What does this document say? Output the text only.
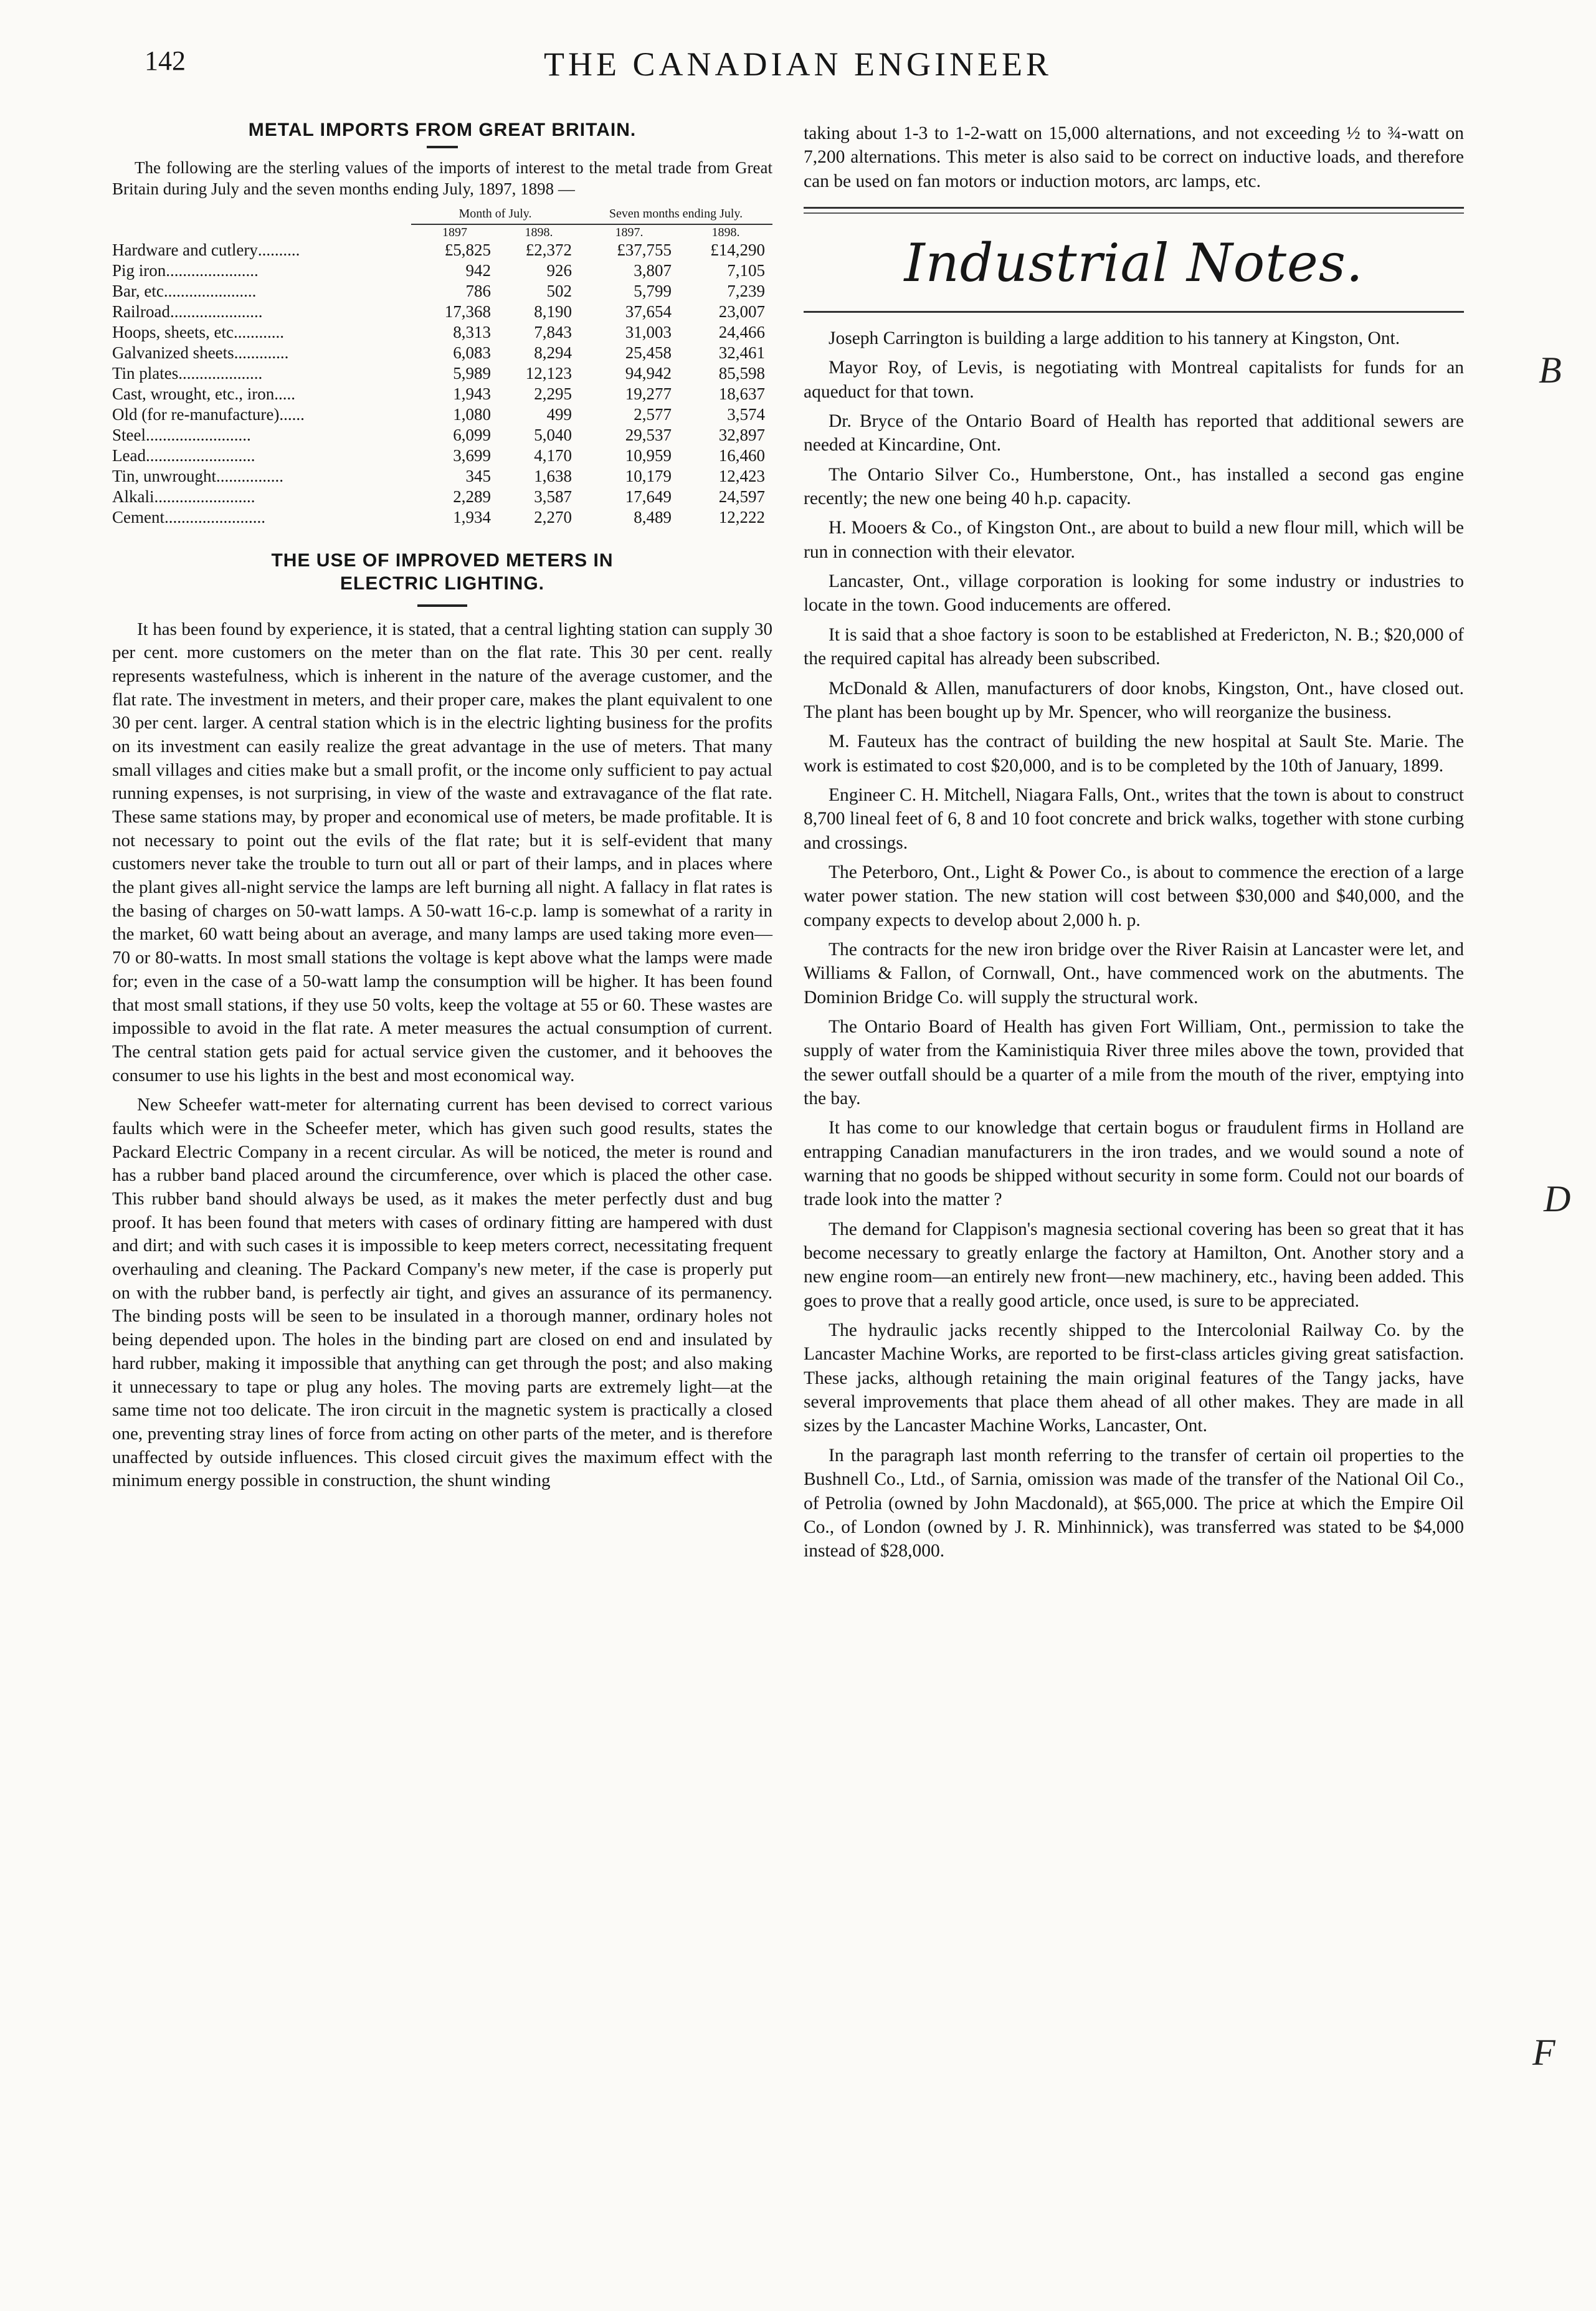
142	THE CANADIAN ENGINEER
METAL IMPORTS FROM GREAT BRITAIN.

The following are the sterling values of the imports of interest to the metal trade from Great Britain during July and the seven months ending July, 1897, 1898 —

	Month of July.		Seven months ending July.	
	1897	1898.	1897.	1898.
Hardware and cutlery..........	£5,825	£2,372	£37,755	£14,290
Pig iron......................	942	926	3,807	7,105
Bar, etc......................	786	502	5,799	7,239
Railroad......................	17,368	8,190	37,654	23,007
Hoops, sheets, etc............	8,313	7,843	31,003	24,466
Galvanized sheets.............	6,083	8,294	25,458	32,461
Tin plates....................	5,989	12,123	94,942	85,598
Cast, wrought, etc., iron.....	1,943	2,295	19,277	18,637
Old (for re-manufacture)......	1,080	499	2,577	3,574
Steel.........................	6,099	5,040	29,537	32,897
Lead..........................	3,699	4,170	10,959	16,460
Tin, unwrought................	345	1,638	10,179	12,423
Alkali........................	2,289	3,587	17,649	24,597
Cement........................	1,934	2,270	8,489	12,222
THE USE OF IMPROVED METERS IN
ELECTRIC LIGHTING.

It has been found by experience, it is stated, that a central lighting station can supply 30 per cent. more customers on the meter than on the flat rate. This 30 per cent. really represents wastefulness, which is inherent in the nature of the average customer, and the flat rate. The investment in meters, and their proper care, makes the plant equivalent to one 30 per cent. larger. A central station which is in the electric lighting business for the profits on its investment can easily realize the great advantage in the use of meters. That many small villages and cities make but a small profit, or the income only sufficient to pay actual running expenses, is not surprising, in view of the waste and extravagance of the flat rate. These same stations may, by proper and economical use of meters, be made profitable. It is not necessary to point out the evils of the flat rate; but it is self-evident that many customers never take the trouble to turn out all or part of their lamps, and in places where the plant gives all-night service the lamps are left burning all night. A fallacy in flat rates is the basing of charges on 50-watt lamps. A 50-watt 16-c.p. lamp is somewhat of a rarity in the market, 60 watt being about an average, and many lamps are used taking more even—70 or 80-watts. In most small stations the voltage is kept above what the lamps were made for; even in the case of a 50-watt lamp the consumption will be higher. It has been found that most small stations, if they use 50 volts, keep the voltage at 55 or 60. These wastes are impossible to avoid in the flat rate. A meter measures the actual consumption of current. The central station gets paid for actual service given the customer, and it behooves the consumer to use his lights in the best and most economical way.

New Scheefer watt-meter for alternating current has been devised to correct various faults which were in the Scheefer meter, which has given such good results, states the Packard Electric Company in a recent circular. As will be noticed, the meter is round and has a rubber band placed around the circumference, over which is placed the other case. This rubber band should always be used, as it makes the meter perfectly dust and bug proof. It has been found that meters with cases of ordinary fitting are hampered with dust and dirt; and with such cases it is impossible to keep meters correct, necessitating frequent overhauling and cleaning. The Packard Company's new meter, if the case is properly put on with the rubber band, is perfectly air tight, and gives an assurance of its permanency. The binding posts will be seen to be insulated in a thorough manner, ordinary holes not being depended upon. The holes in the binding part are closed on end and insulated by hard rubber, making it impossible that anything can get through the post; and also making it unnecessary to tape or plug any holes. The moving parts are extremely light—at the same time not too delicate. The iron circuit in the magnetic system is practically a closed one, preventing stray lines of force from acting on other parts of the meter, and is therefore unaffected by outside influences. This closed circuit gives the maximum effect with the minimum energy possible in construction, the shunt winding

taking about 1-3 to 1-2-watt on 15,000 alternations, and not exceeding ½ to ¾-watt on 7,200 alternations. This meter is also said to be correct on inductive loads, and therefore can be used on fan motors or induction motors, arc lamps, etc.

Industrial Notes.

Joseph Carrington is building a large addition to his tannery at Kingston, Ont.

Mayor Roy, of Levis, is negotiating with Montreal capitalists for funds for an aqueduct for that town.

Dr. Bryce of the Ontario Board of Health has reported that additional sewers are needed at Kincardine, Ont.

The Ontario Silver Co., Humberstone, Ont., has installed a second gas engine recently; the new one being 40 h.p. capacity.

H. Mooers & Co., of Kingston Ont., are about to build a new flour mill, which will be run in connection with their elevator.

Lancaster, Ont., village corporation is looking for some industry or industries to locate in the town. Good inducements are offered.

It is said that a shoe factory is soon to be established at Fredericton, N. B.; $20,000 of the required capital has already been subscribed.

McDonald & Allen, manufacturers of door knobs, Kingston, Ont., have closed out. The plant has been bought up by Mr. Spencer, who will reorganize the business.

M. Fauteux has the contract of building the new hospital at Sault Ste. Marie. The work is estimated to cost $20,000, and is to be completed by the 10th of January, 1899.

Engineer C. H. Mitchell, Niagara Falls, Ont., writes that the town is about to construct 8,700 lineal feet of 6, 8 and 10 foot concrete and brick walks, together with stone curbing and crossings.

The Peterboro, Ont., Light & Power Co., is about to commence the erection of a large water power station. The new station will cost between $30,000 and $40,000, and the company expects to develop about 2,000 h. p.

The contracts for the new iron bridge over the River Raisin at Lancaster were let, and Williams & Fallon, of Cornwall, Ont., have commenced work on the abutments. The Dominion Bridge Co. will supply the structural work.

The Ontario Board of Health has given Fort William, Ont., permission to take the supply of water from the Kaministiquia River three miles above the town, provided that the sewer outfall should be a quarter of a mile from the mouth of the river, emptying into the bay.

It has come to our knowledge that certain bogus or fraudulent firms in Holland are entrapping Canadian manufacturers in the iron trades, and we would sound a note of warning that no goods be shipped without security in some form. Could not our boards of trade look into the matter ?

The demand for Clappison's magnesia sectional covering has been so great that it has become necessary to greatly enlarge the factory at Hamilton, Ont. Another story and a new engine room—an entirely new front—new machinery, etc., having been added. This goes to prove that a really good article, once used, is sure to be appreciated.

The hydraulic jacks recently shipped to the Intercolonial Railway Co. by the Lancaster Machine Works, are reported to be first-class articles giving great satisfaction. These jacks, although retaining the main original features of the Tangy jacks, have several improvements that place them ahead of all other makes. They are made in all sizes by the Lancaster Machine Works, Lancaster, Ont.

In the paragraph last month referring to the transfer of certain oil properties to the Bushnell Co., Ltd., of Sarnia, omission was made of the transfer of the National Oil Co., of Petrolia (owned by John Macdonald), at $65,000. The price at which the Empire Oil Co., of London (owned by J. R. Minhinnick), was transferred was stated to be $4,000 instead of $28,000.

B
D
F
